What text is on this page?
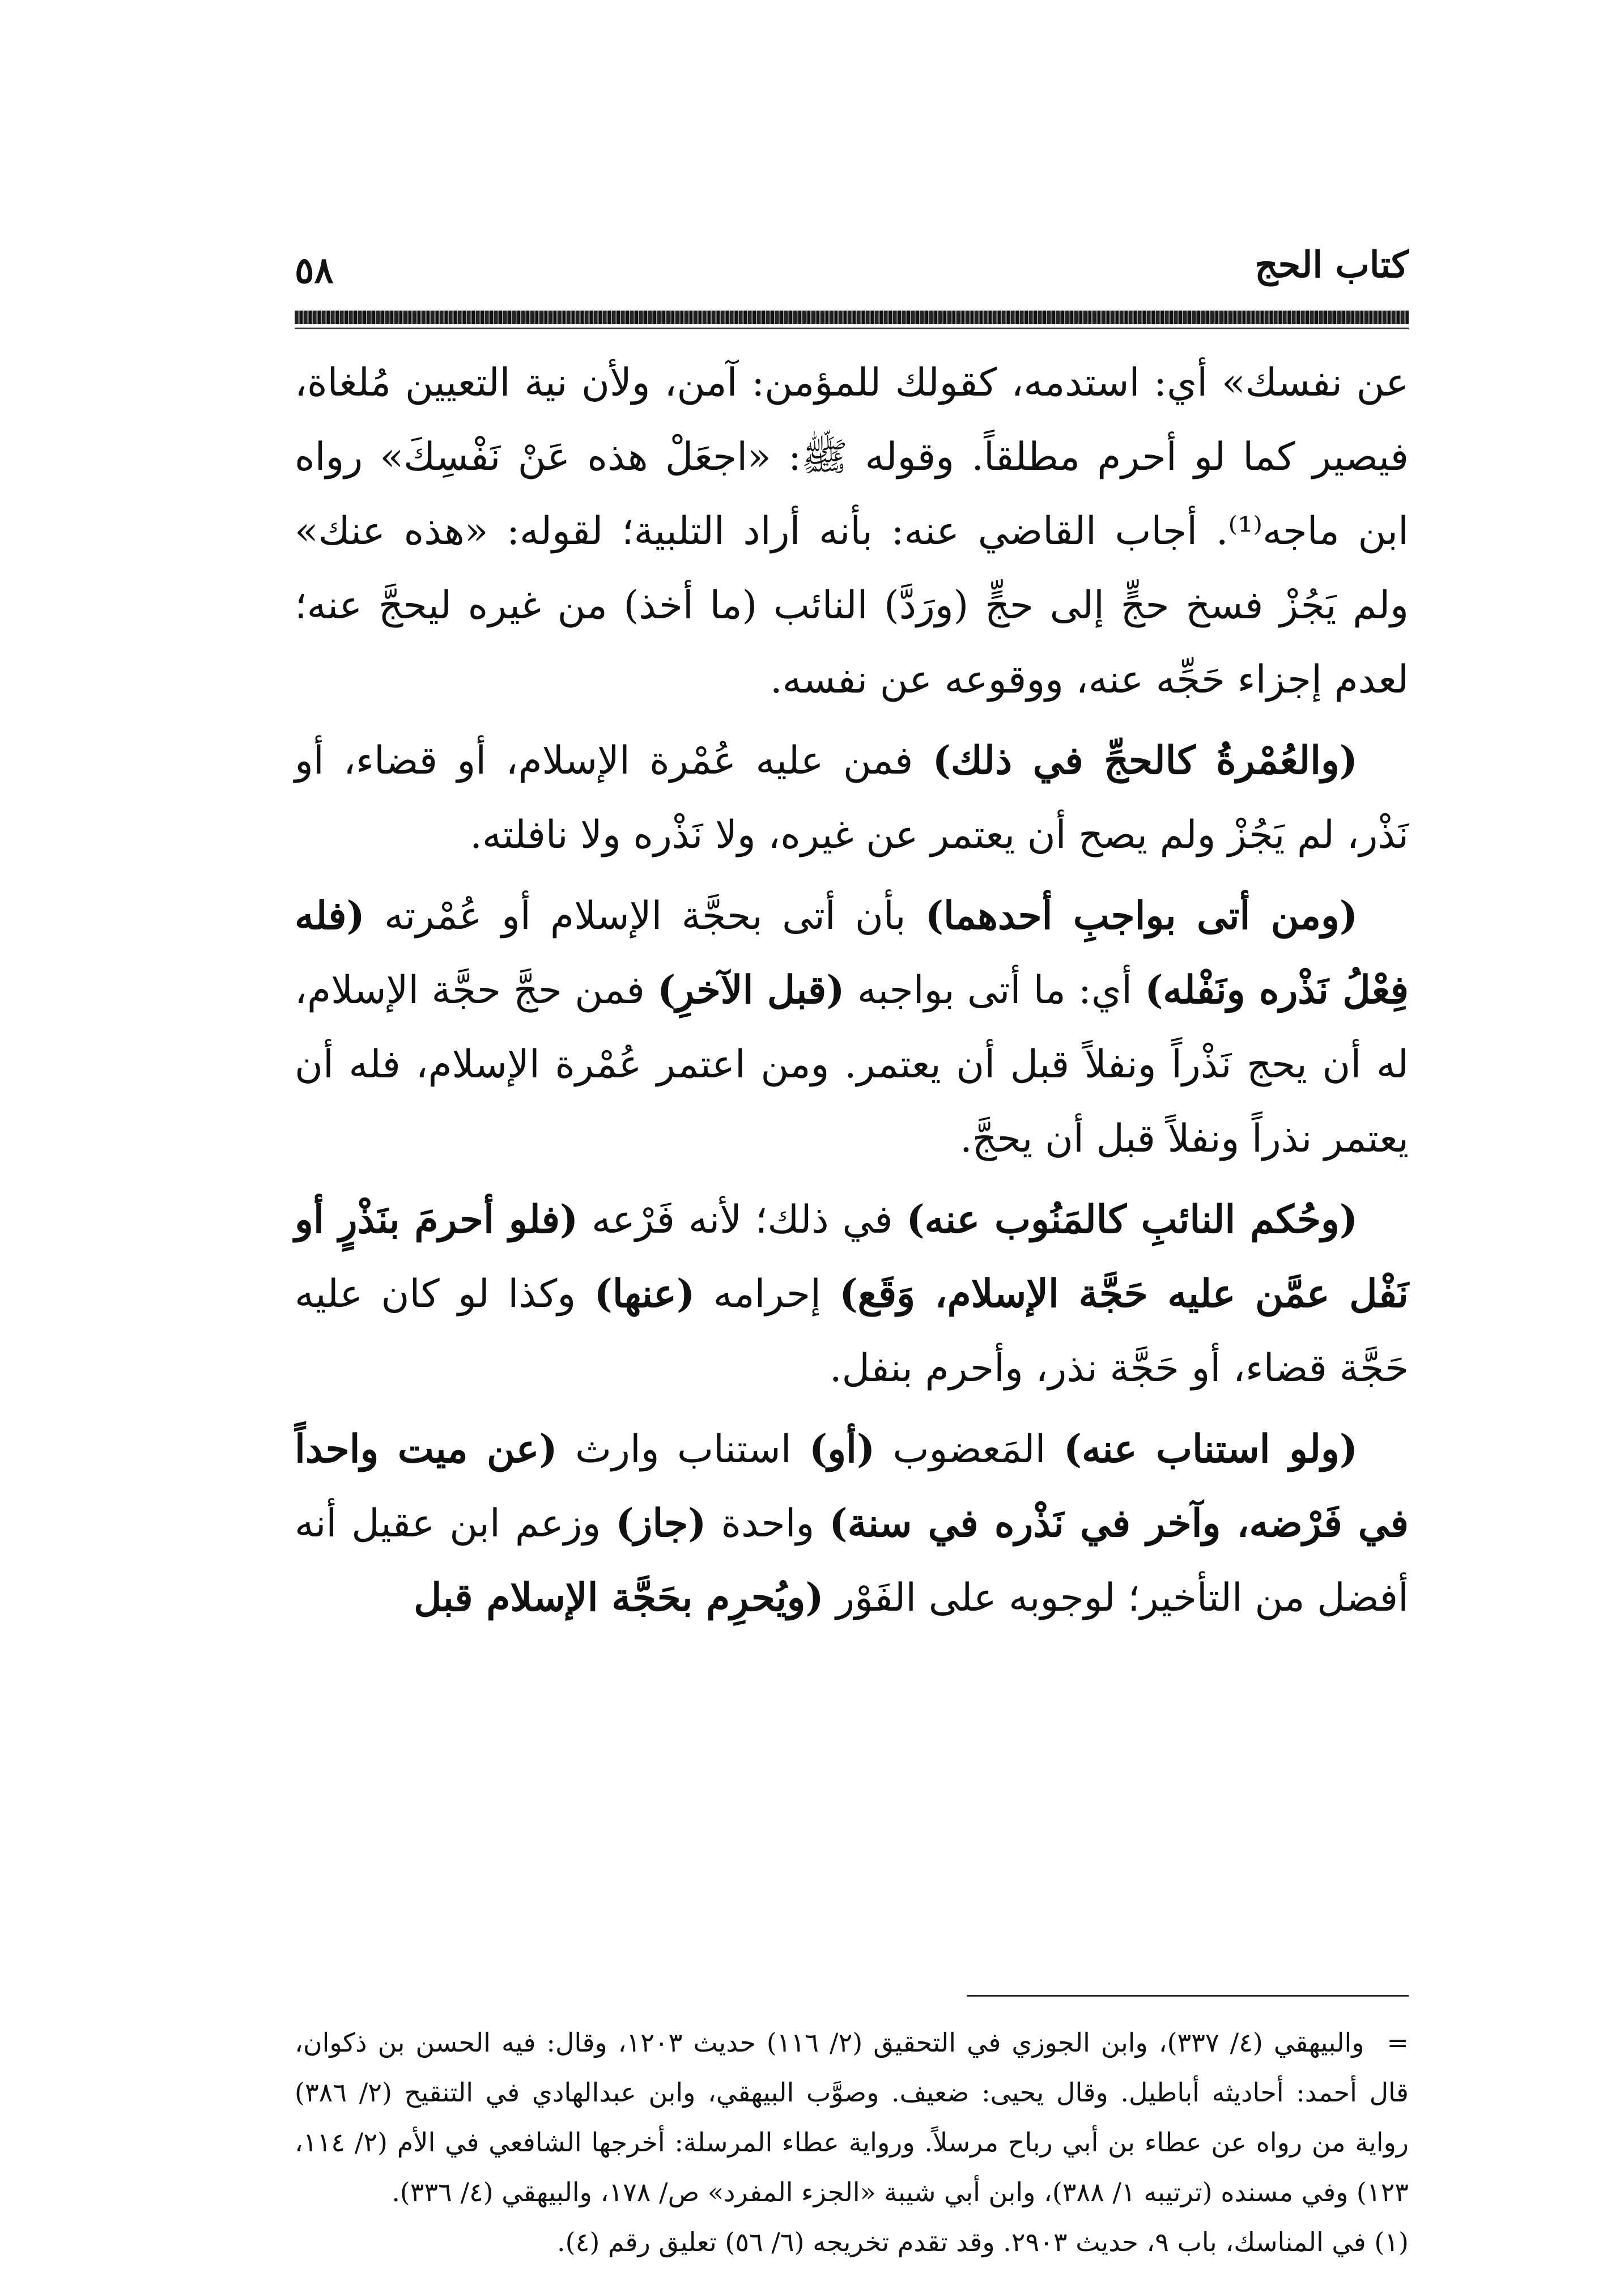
كتاب الحج
٥٨

عن نفسك» أي: استدمه، كقولك للمؤمن: آمن، ولأن نية التعيين مُلغاة، فيصير كما لو أحرم مطلقاً. وقوله ﷺ: «اجعَلْ هذه عَنْ نَفْسِكَ» رواه ابن ماجه⁽¹⁾. أجاب القاضي عنه: بأنه أراد التلبية؛ لقوله: «هذه عنك» ولم يَجُزْ فسخ حجٍّ إلى حجٍّ (ورَدَّ) النائب (ما أخذ) من غيره ليحجَّ عنه؛ لعدم إجزاء حَجِّه عنه، ووقوعه عن نفسه.

(والعُمْرةُ كالحجِّ في ذلك) فمن عليه عُمْرة الإسلام، أو قضاء، أو نَذْر، لم يَجُزْ ولم يصح أن يعتمر عن غيره، ولا نَذْره ولا نافلته.

(ومن أتى بواجبِ أحدهما) بأن أتى بحجَّة الإسلام أو عُمْرته (فله فِعْلُ نَذْره ونَفْله) أي: ما أتى بواجبه (قبل الآخرِ) فمن حجَّ حجَّة الإسلام، له أن يحج نَذْراً ونفلاً قبل أن يعتمر. ومن اعتمر عُمْرة الإسلام، فله أن يعتمر نذراً ونفلاً قبل أن يحجَّ.

(وحُكم النائبِ كالمَنُوب عنه) في ذلك؛ لأنه فَرْعه (فلو أحرمَ بنَذْرٍ أو نَفْل عمَّن عليه حَجَّة الإسلام، وَقَع) إحرامه (عنها) وكذا لو كان عليه حَجَّة قضاء، أو حَجَّة نذر، وأحرم بنفل.

(ولو استناب عنه) المَعضوب (أو) استناب وارث (عن ميت واحداً في فَرْضه، وآخر في نَذْره في سنة) واحدة (جاز) وزعم ابن عقيل أنه أفضل من التأخير؛ لوجوبه على الفَوْر (ويُحرِم بحَجَّة الإسلام قبل

=والبيهقي (٤/ ٣٣٧)، وابن الجوزي في التحقيق (٢/ ١١٦) حديث ١٢٠٣، وقال: فيه الحسن بن ذكوان، قال أحمد: أحاديثه أباطيل. وقال يحيى: ضعيف. وصوَّب البيهقي، وابن عبدالهادي في التنقيح (٢/ ٣٨٦) رواية من رواه عن عطاء بن أبي رباح مرسلاً. ورواية عطاء المرسلة: أخرجها الشافعي في الأم (٢/ ١١٤، ١٢٣) وفي مسنده (ترتيبه ١/ ٣٨٨)، وابن أبي شيبة «الجزء المفرد» ص/ ١٧٨، والبيهقي (٤/ ٣٣٦).

(١) في المناسك، باب ٩، حديث ٢٩٠٣. وقد تقدم تخريجه (٦/ ٥٦) تعليق رقم (٤).
